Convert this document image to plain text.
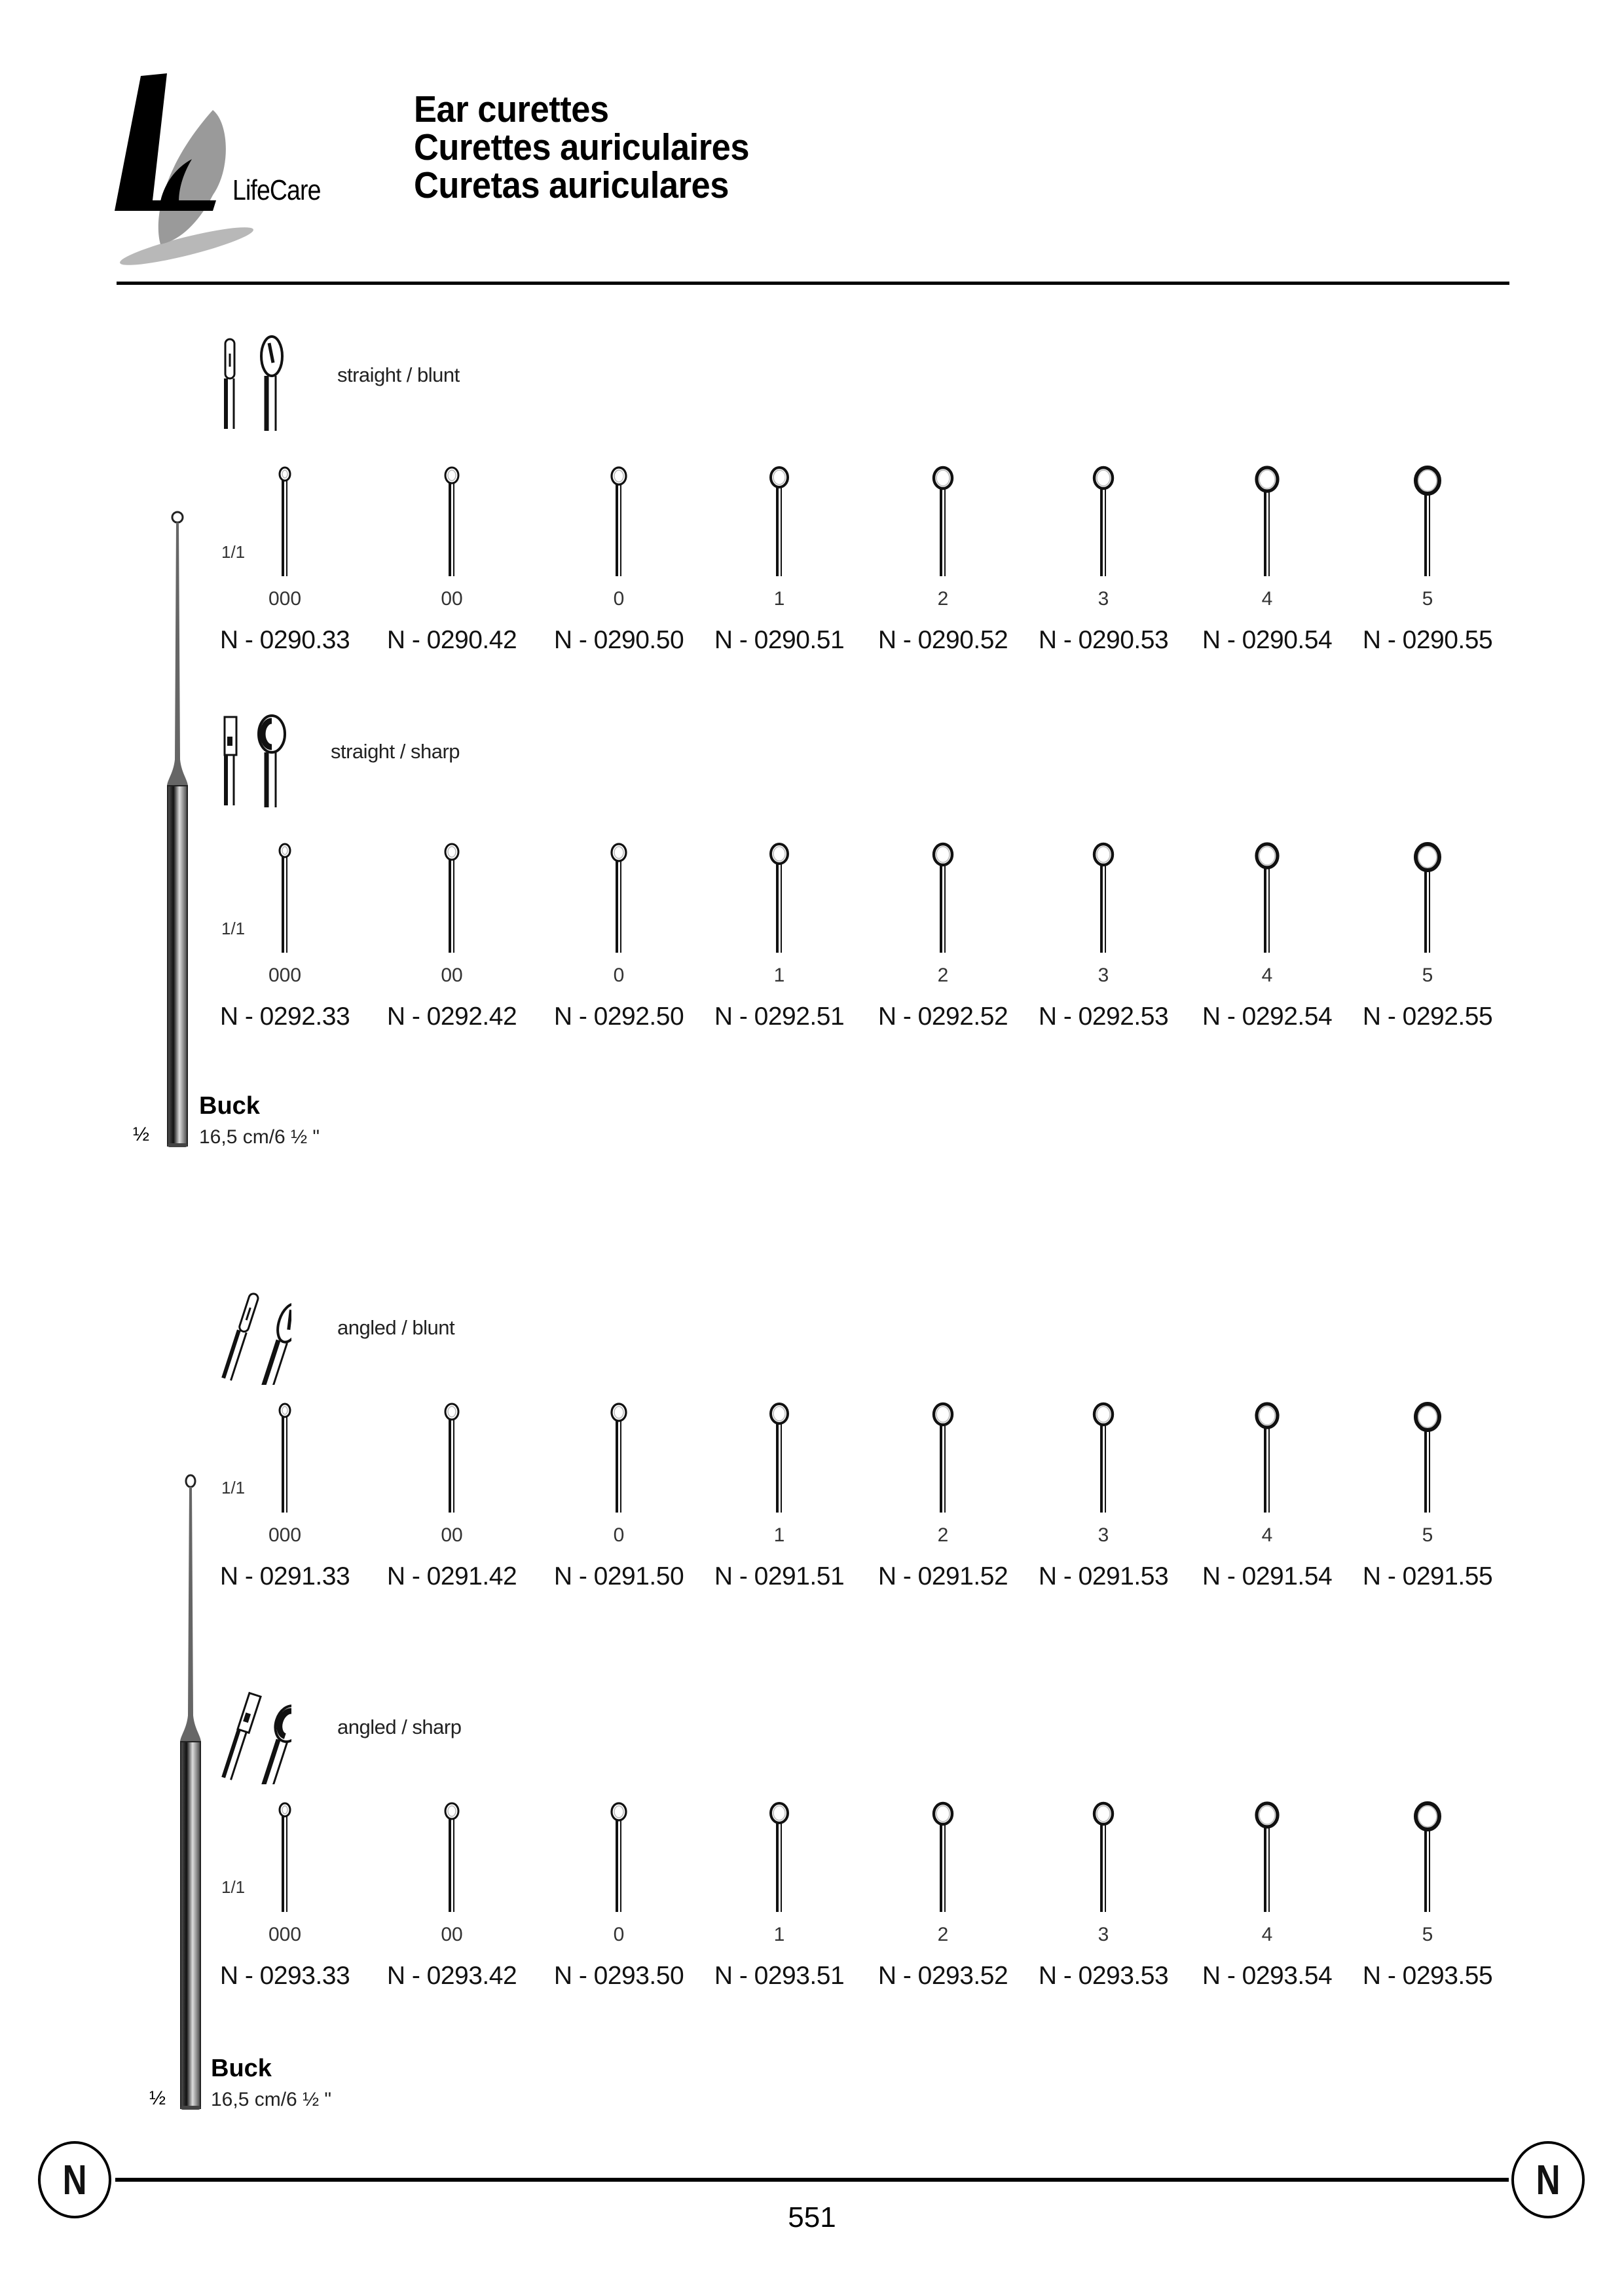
LifeCare
Ear curettes
Curettes auriculaires
Curetas auriculares
Buck
16,5 cm/6 ½ "
½
Buck
16,5 cm/6 ½ "
½
straight / blunt
1/1
000
N - 0290.33
00
N - 0290.42
0
N - 0290.50
1
N - 0290.51
2
N - 0290.52
3
N - 0290.53
4
N - 0290.54
5
N - 0290.55
straight / sharp
1/1
000
N - 0292.33
00
N - 0292.42
0
N - 0292.50
1
N - 0292.51
2
N - 0292.52
3
N - 0292.53
4
N - 0292.54
5
N - 0292.55
angled / blunt
1/1
000
N - 0291.33
00
N - 0291.42
0
N - 0291.50
1
N - 0291.51
2
N - 0291.52
3
N - 0291.53
4
N - 0291.54
5
N - 0291.55
angled / sharp
1/1
000
N - 0293.33
00
N - 0293.42
0
N - 0293.50
1
N - 0293.51
2
N - 0293.52
3
N - 0293.53
4
N - 0293.54
5
N - 0293.55
N	N
551
